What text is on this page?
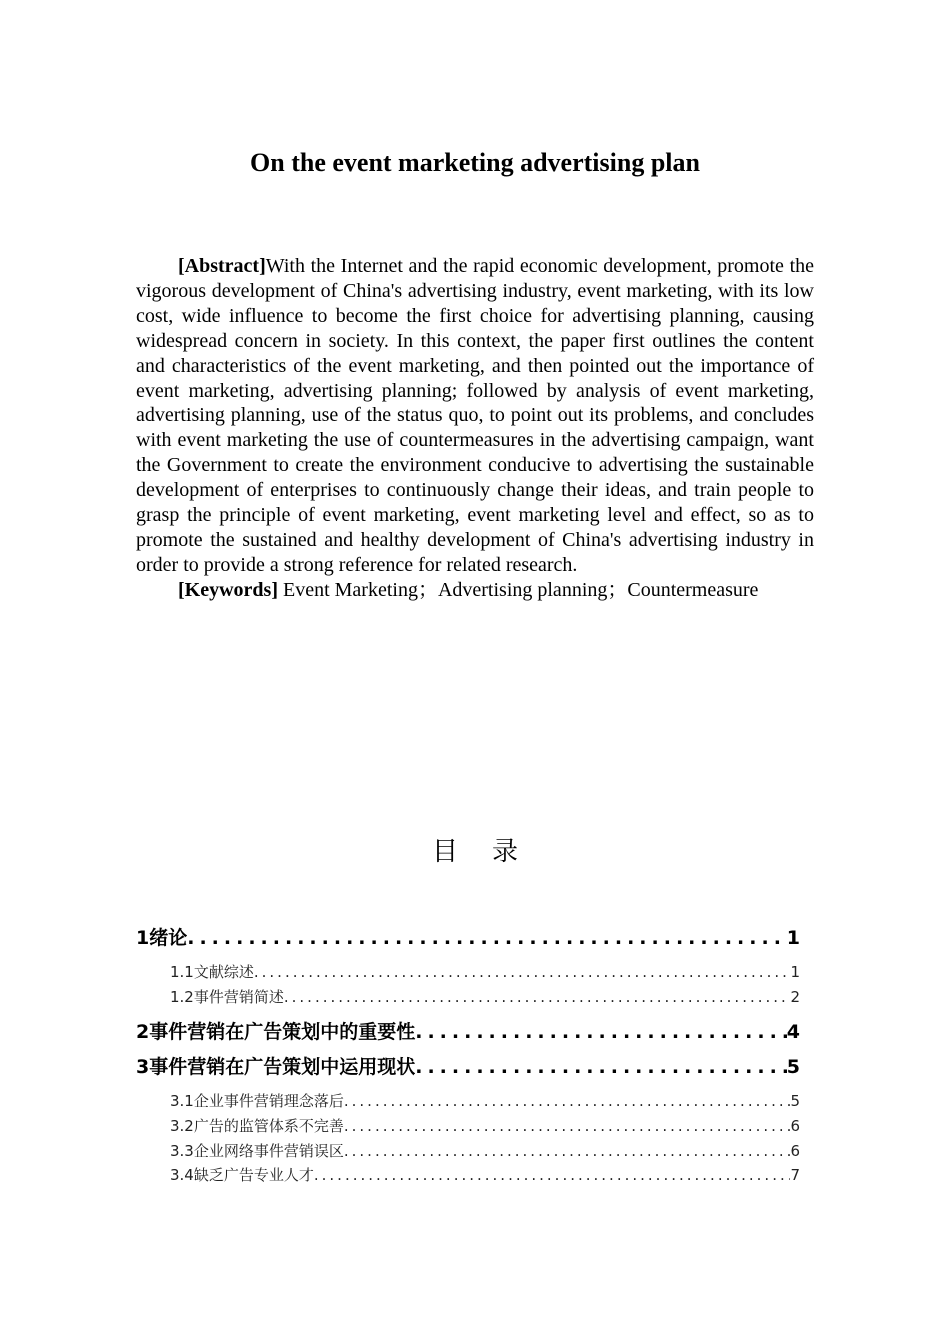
On the event marketing advertising plan

[Abstract]With the Internet and the rapid economic development, promote the vigorous development of China's advertising industry, event marketing, with its low cost, wide influence to become the first choice for advertising planning, causing widespread concern in society. In this context, the paper first outlines the content and characteristics of the event marketing, and then pointed out the importance of event marketing, advertising planning; followed by analysis of event marketing, advertising planning, use of the status quo, to point out its problems, and concludes with event marketing the use of countermeasures in the advertising campaign, want the Government to create the environment conducive to advertising the sustainable development of enterprises to continuously change their ideas, and train people to grasp the principle of event marketing, event marketing level and effect, so as to promote the sustained and healthy development of China's advertising industry in order to provide a strong reference for related research.

[Keywords] Event Marketing；Advertising planning；Countermeasure

目录
1 绪论 .....	1
1.1 文献综述 .....	1
1.2 事件营销简述 .....	2
2 事件营销在广告策划中的重要性 .....	4
3 事件营销在广告策划中运用现状 .....	5
3.1 企业事件营销理念落后 .....	5
3.2 广告的监管体系不完善 .....	6
3.3 企业网络事件营销误区 .....	6
3.4 缺乏广告专业人才 .....	7
